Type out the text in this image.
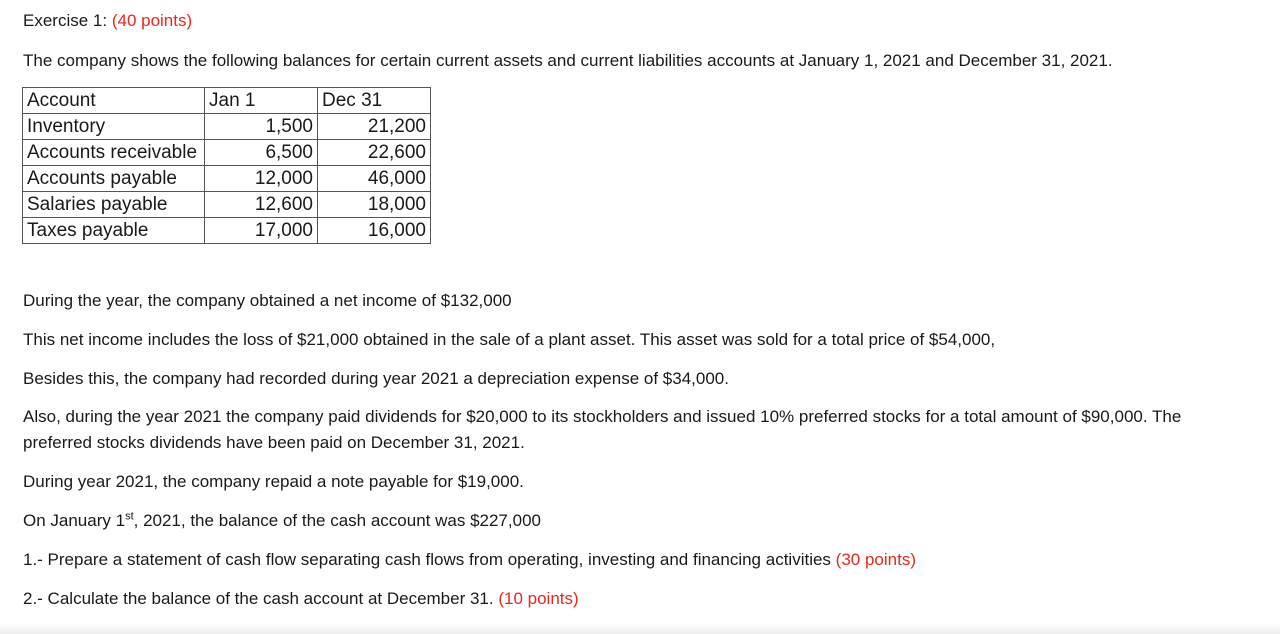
Exercise 1: (40 points)
The company shows the following balances for certain current assets and current liabilities accounts at January 1, 2021 and December 31, 2021.
Account	Jan 1	Dec 31
Inventory	1,500	21,200
Accounts receivable	6,500	22,600
Accounts payable	12,000	46,000
Salaries payable	12,600	18,000
Taxes payable	17,000	16,000
During the year, the company obtained a net income of $132,000
This net income includes the loss of $21,000 obtained in the sale of a plant asset. This asset was sold for a total price of $54,000,
Besides this, the company had recorded during year 2021 a depreciation expense of $34,000.
Also, during the year 2021 the company paid dividends for $20,000 to its stockholders and issued 10% preferred stocks for a total amount of $90,000. The preferred stocks dividends have been paid on December 31, 2021.
During year 2021, the company repaid a note payable for $19,000.
On January 1st, 2021, the balance of the cash account was $227,000
1.- Prepare a statement of cash flow separating cash flows from operating, investing and financing activities (30 points)
2.- Calculate the balance of the cash account at December 31. (10 points)
